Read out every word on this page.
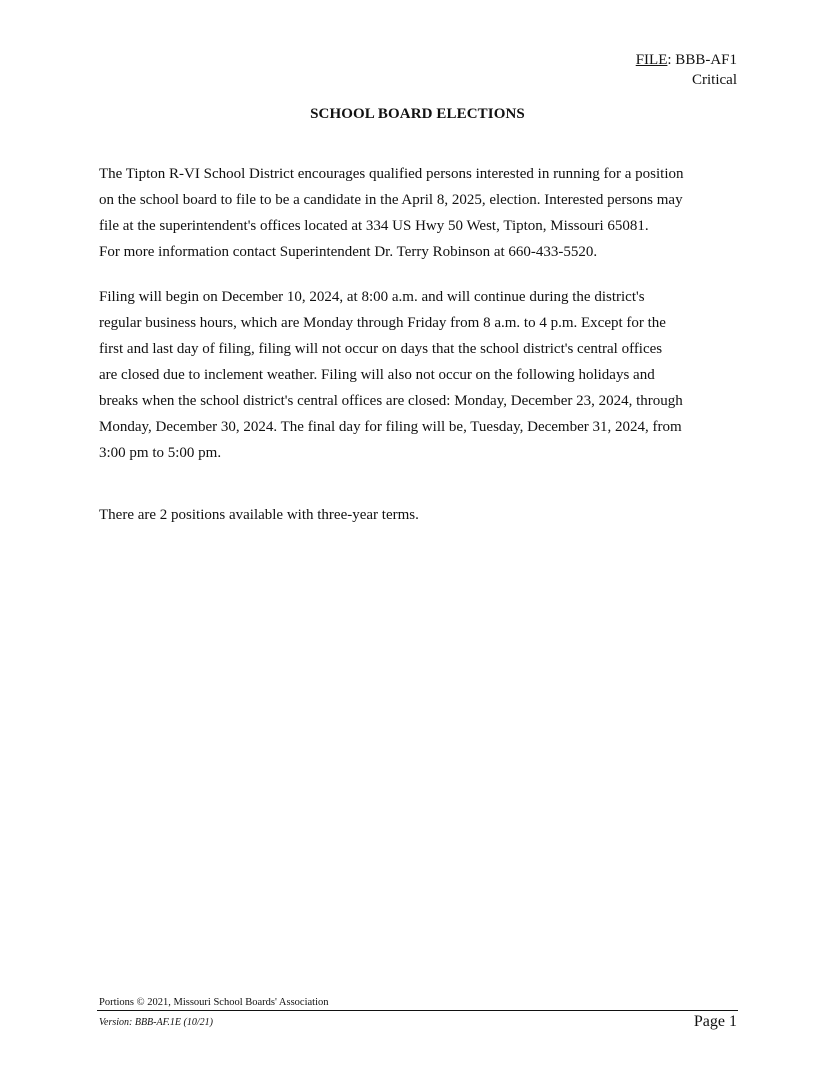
FILE: BBB-AF1
Critical
SCHOOL BOARD ELECTIONS

The Tipton R-VI School District encourages qualified persons interested in running for a position

on the school board to file to be a candidate in the April 8, 2025, election. Interested persons may

file at the superintendent's offices located at 334 US Hwy 50 West, Tipton, Missouri 65081.

For more information contact Superintendent Dr. Terry Robinson at 660-433-5520.

Filing will begin on December 10, 2024, at 8:00 a.m. and will continue during the district's

regular business hours, which are Monday through Friday from 8 a.m. to 4 p.m. Except for the

first and last day of filing, filing will not occur on days that the school district's central offices

are closed due to inclement weather. Filing will also not occur on the following holidays and

breaks when the school district's central offices are closed: Monday, December 23, 2024, through

Monday, December 30, 2024. The final day for filing will be, Tuesday, December 31, 2024, from

3:00 pm to 5:00 pm.

There are 2 positions available with three-year terms.

Portions © 2021, Missouri School Boards' Association
Version: BBB-AF.1E (10/21)	Page 1
